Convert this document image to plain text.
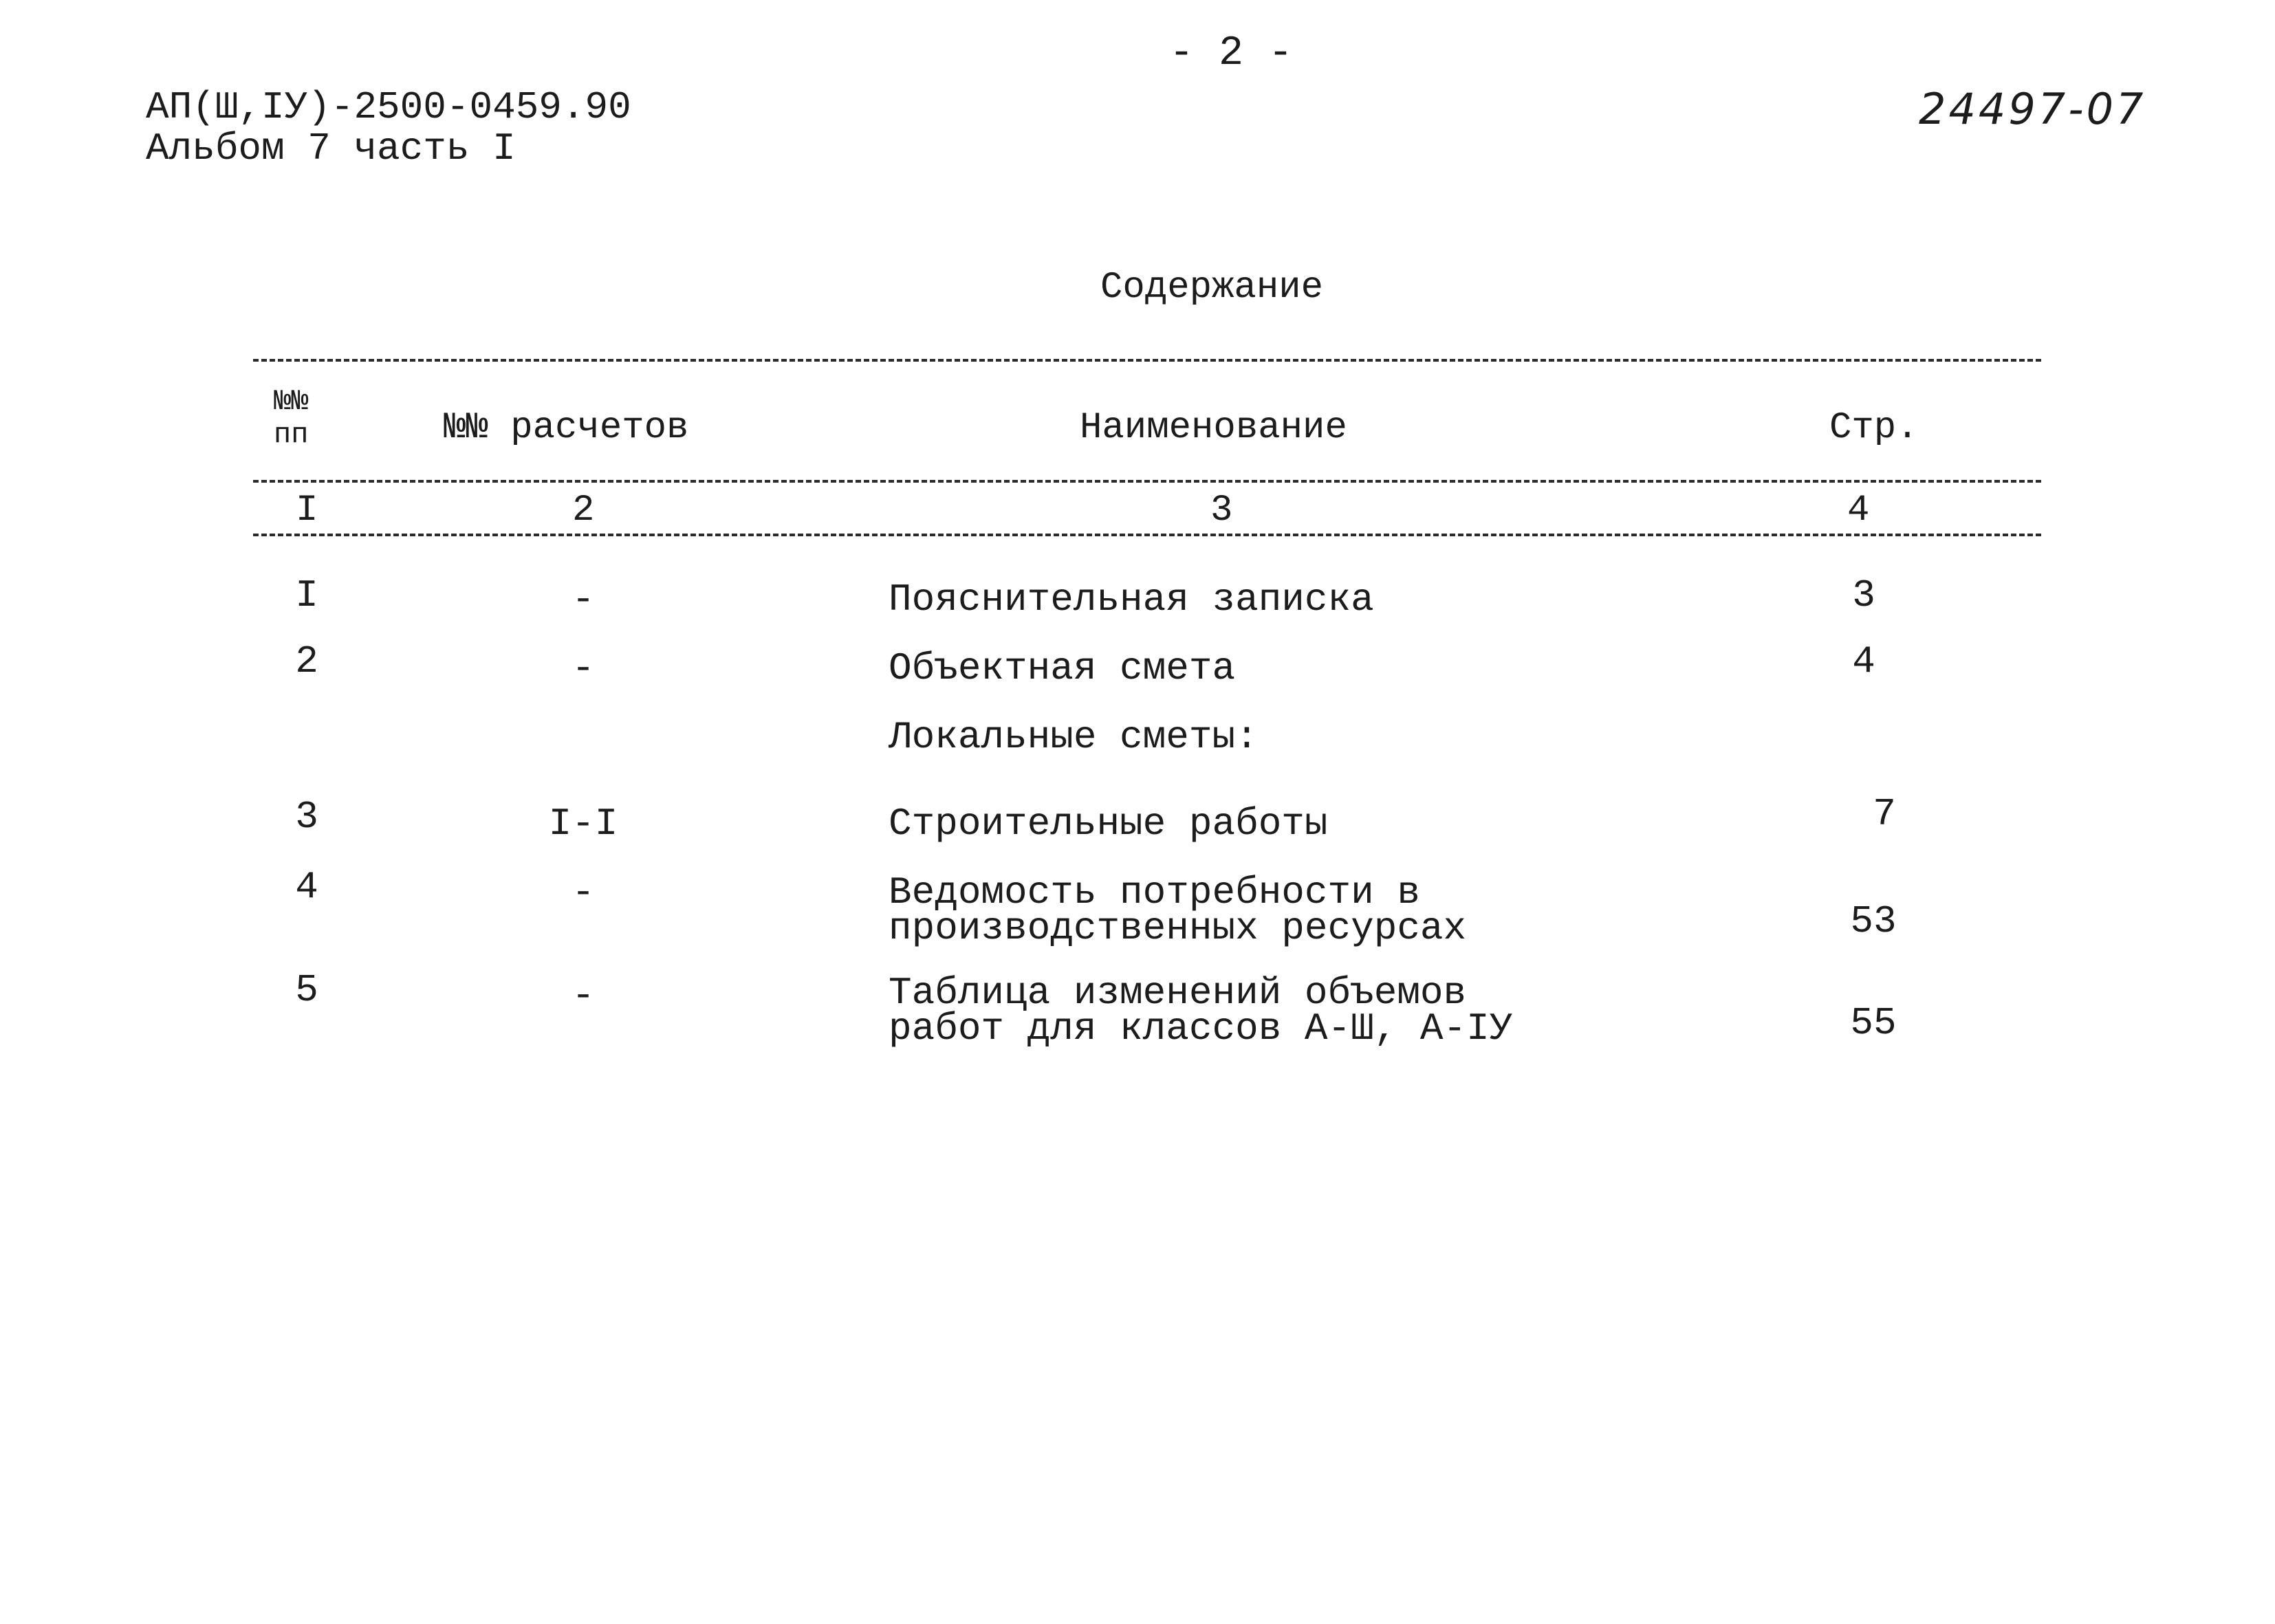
- 2 -
АП(Ш,IУ)-2500-0459.90
Альбом 7 часть I
24497-07
Содержание
№№
пп	№№ расчетов	Наименование	Стр.
I	2	3	4
I	-	Пояснительная записка	3
2	-	Объектная смета	4
Локальные сметы:
3	I-I	Строительные работы	7
4	-	Ведомость потребности в
производственных ресурсах	53
5	-	Таблица изменений объемов
работ для классов А-Ш, А-IУ	55
